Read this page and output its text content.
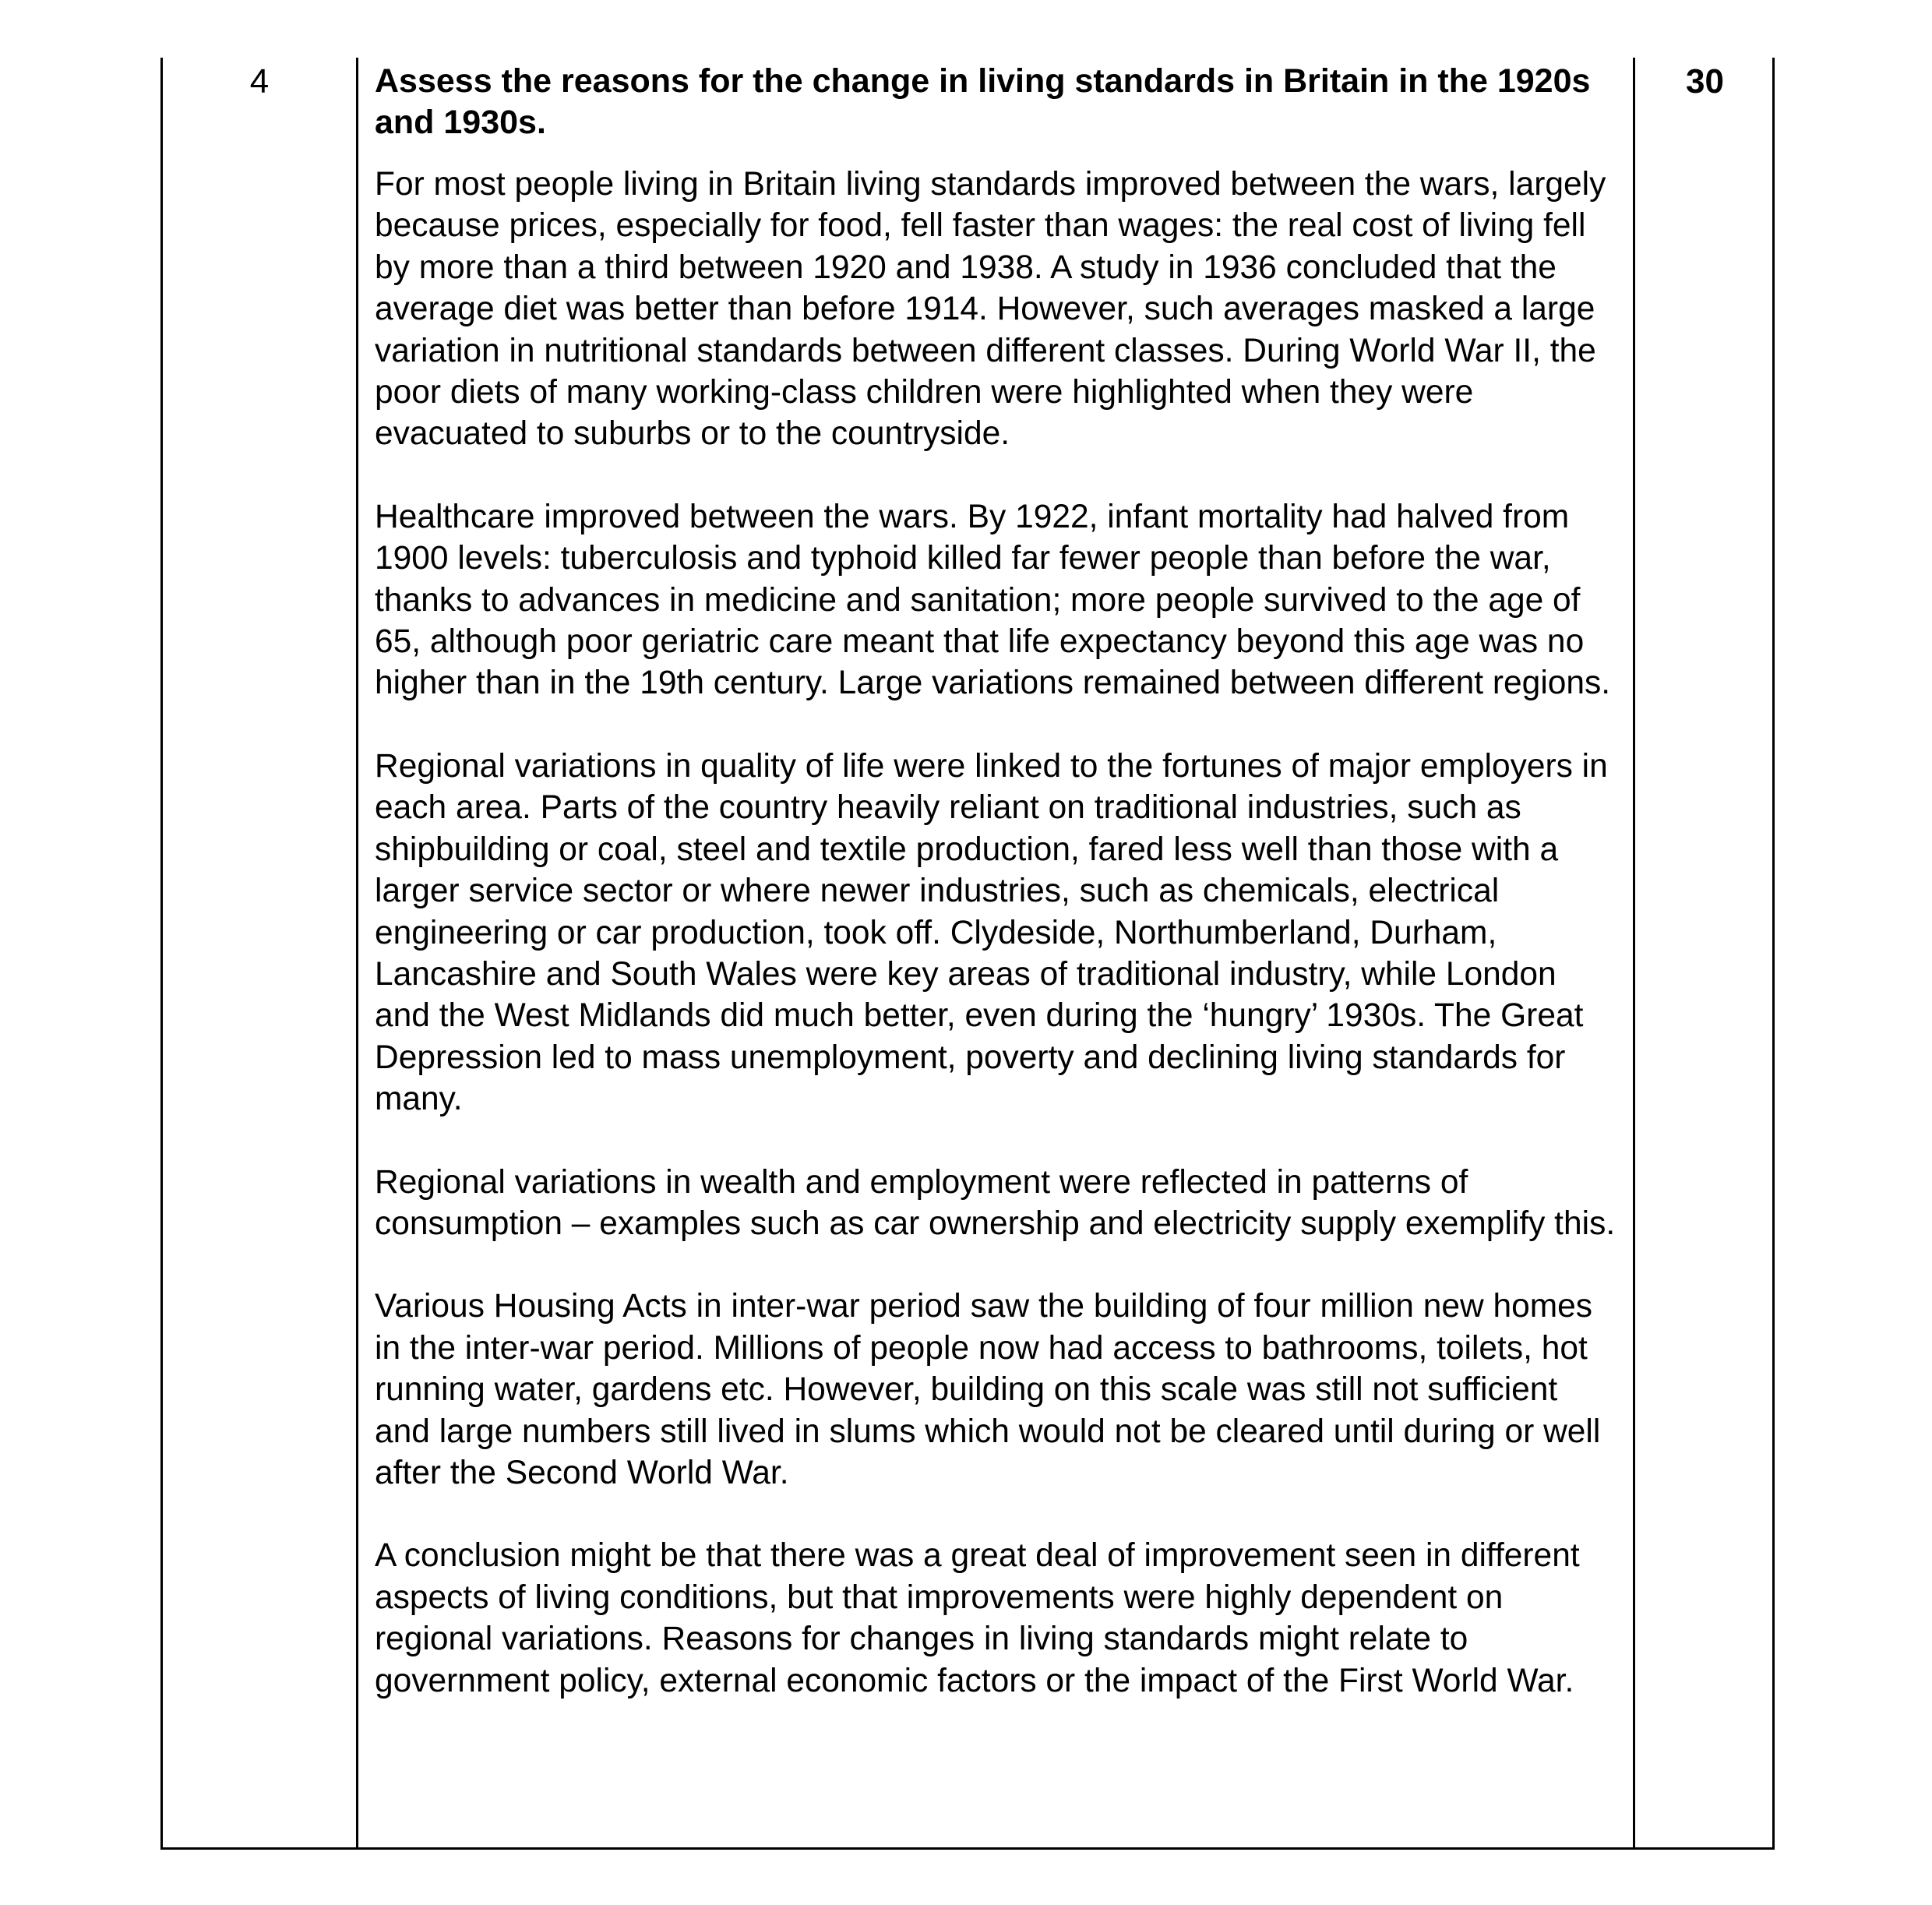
4	Assess the reasons for the change in living standards in Britain in the 1920s and 1930s.

For most people living in Britain living standards improved between the wars, largely because prices, especially for food, fell faster than wages: the real cost of living fell by more than a third between 1920 and 1938. A study in 1936 concluded that the average diet was better than before 1914. However, such averages masked a large variation in nutritional standards between different classes. During World War II, the poor diets of many working-class children were highlighted when they were evacuated to suburbs or to the countryside.

Healthcare improved between the wars. By 1922, infant mortality had halved from 1900 levels: tuberculosis and typhoid killed far fewer people than before the war, thanks to advances in medicine and sanitation; more people survived to the age of 65, although poor geriatric care meant that life expectancy beyond this age was no higher than in the 19th century. Large variations remained between different regions.

Regional variations in quality of life were linked to the fortunes of major employers in each area. Parts of the country heavily reliant on traditional industries, such as shipbuilding or coal, steel and textile production, fared less well than those with a larger service sector or where newer industries, such as chemicals, electrical engineering or car production, took off. Clydeside, Northumberland, Durham, Lancashire and South Wales were key areas of traditional industry, while London and the West Midlands did much better, even during the ‘hungry’ 1930s. The Great Depression led to mass unemployment, poverty and declining living standards for many.

Regional variations in wealth and employment were reflected in patterns of consumption – examples such as car ownership and electricity supply exemplify this.

Various Housing Acts in inter-war period saw the building of four million new homes in the inter-war period. Millions of people now had access to bathrooms, toilets, hot running water, gardens etc. However, building on this scale was still not sufficient and large numbers still lived in slums which would not be cleared until during or well after the Second World War.

A conclusion might be that there was a great deal of improvement seen in different aspects of living conditions, but that improvements were highly dependent on regional variations. Reasons for changes in living standards might relate to government policy, external economic factors or the impact of the First World War.

30
